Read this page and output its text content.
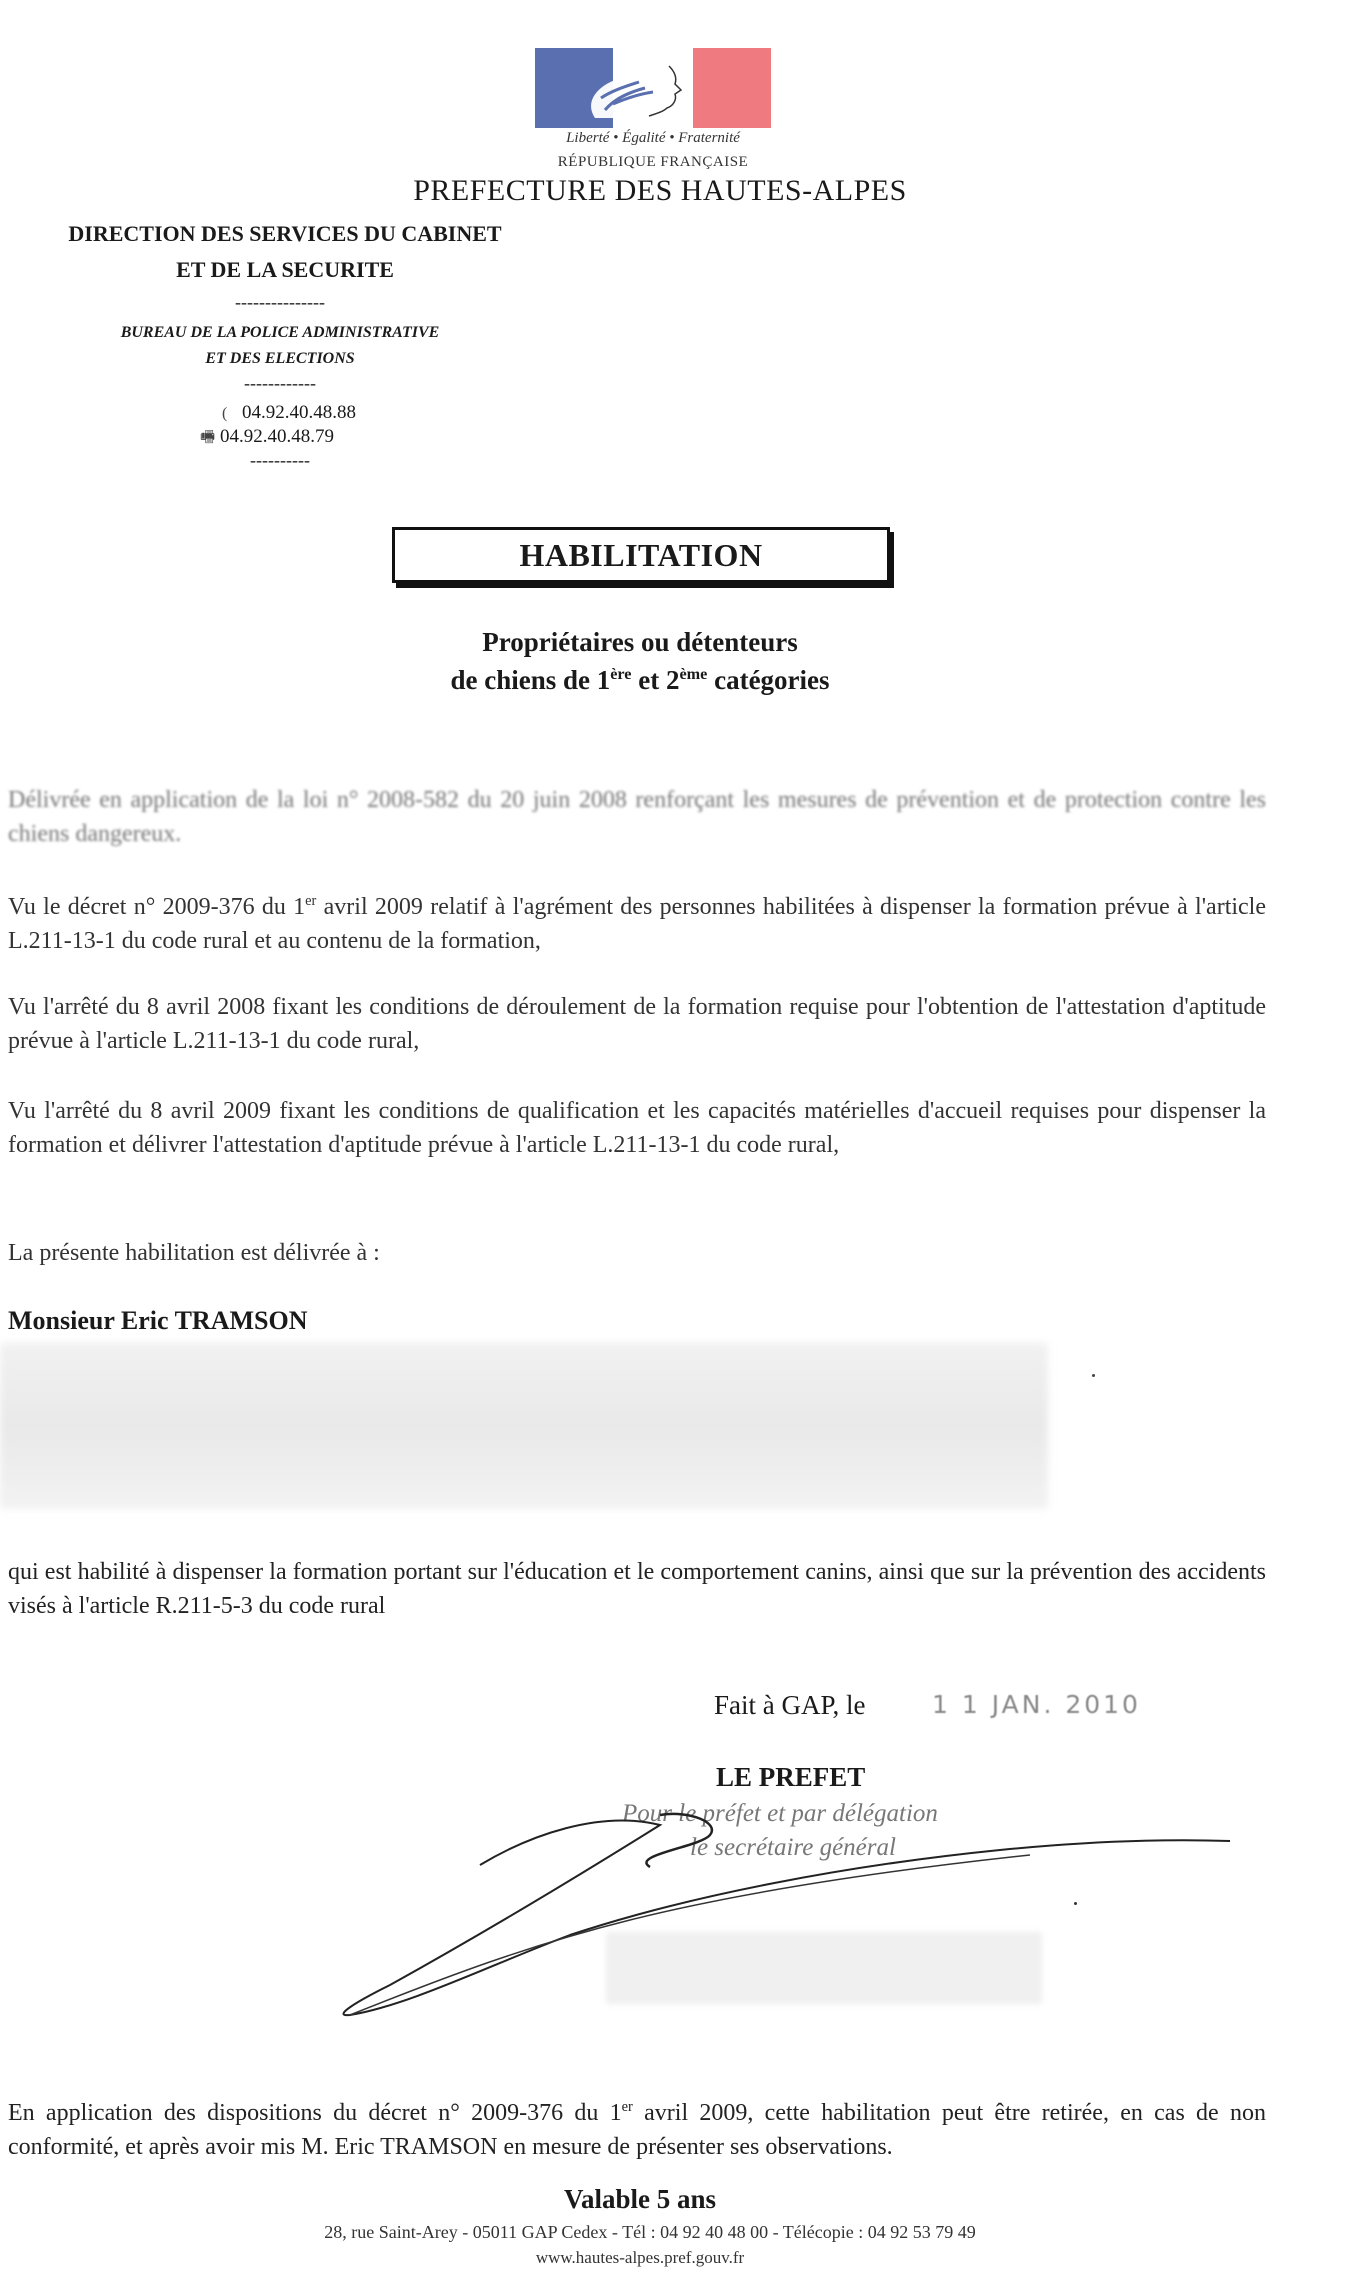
Liberté • Égalité • Fraternité
RÉPUBLIQUE FRANÇAISE
PREFECTURE DES HAUTES-ALPES
DIRECTION DES SERVICES DU CABINET
ET DE LA SECURITE
---------------
BUREAU DE LA POLICE ADMINISTRATIVE
ET DES ELECTIONS
------------
( 04.92.40.48.88
🖷 04.92.40.48.79
----------
HABILITATION
Propriétaires ou détenteurs
de chiens de 1ère et 2ème catégories
Délivrée en application de la loi n° 2008-582 du 20 juin 2008 renforçant les mesures de prévention et de protection contre les chiens dangereux.
Vu le décret n° 2009-376 du 1er avril 2009 relatif à l'agrément des personnes habilitées à dispenser la formation prévue à l'article L.211-13-1 du code rural et au contenu de la formation,
Vu l'arrêté du 8 avril 2008 fixant les conditions de déroulement de la formation requise pour l'obtention de l'attestation d'aptitude prévue à l'article L.211-13-1 du code rural,
Vu l'arrêté du 8 avril 2009 fixant les conditions de qualification et les capacités matérielles d'accueil requises pour dispenser la formation et délivrer l'attestation d'aptitude prévue à l'article L.211-13-1 du code rural,
La présente habilitation est délivrée à :
Monsieur Eric TRAMSON
qui est habilité à dispenser la formation portant sur l'éducation et le comportement canins, ainsi que sur la prévention des accidents visés à l'article R.211-5-3 du code rural
Fait à GAP, le	1 1 JAN. 2010
LE PREFET
Pour le préfet et par délégation
le secrétaire général
En application des dispositions du décret n° 2009-376 du 1er avril 2009, cette habilitation peut être retirée, en cas de non conformité, et après avoir mis M. Eric TRAMSON en mesure de présenter ses observations.
Valable 5 ans
28, rue Saint-Arey - 05011 GAP Cedex - Tél : 04 92 40 48 00 - Télécopie : 04 92 53 79 49
www.hautes-alpes.pref.gouv.fr
